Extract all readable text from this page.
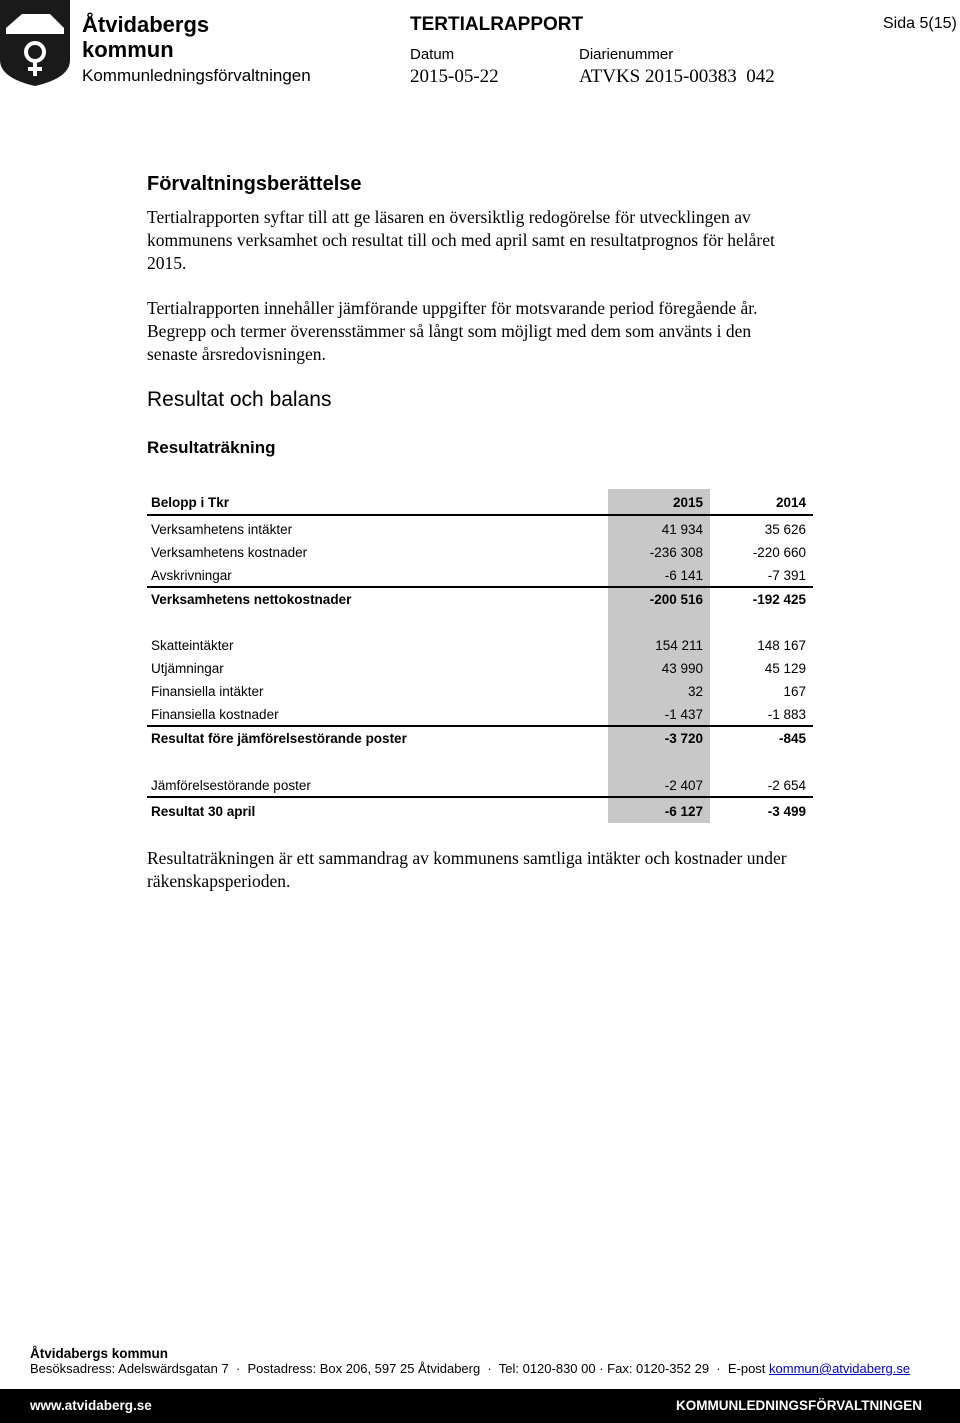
Åtvidabergs
kommun
Kommunledningsförvaltningen
TERTIALRAPPORT	Sida 5(15)
Datum	Diarienummer
2015-05-22	ATVKS 2015-00383  042
Förvaltningsberättelse
Tertialrapporten syftar till att ge läsaren en översiktlig redogörelse för utvecklingen av kommunens verksamhet och resultat till och med april samt en resultatprognos för helåret 2015.
Tertialrapporten innehåller jämförande uppgifter för motsvarande period föregående år. Begrepp och termer överensstämmer så långt som möjligt med dem som använts i den senaste årsredovisningen.
Resultat och balans
Resultaträkning
Belopp i Tkr	2015	2014
Verksamhetens intäkter	41 934	35 626
Verksamhetens kostnader	-236 308	-220 660
Avskrivningar	-6 141	-7 391
Verksamhetens nettokostnader	-200 516	-192 425
Skatteintäkter	154 211	148 167
Utjämningar	43 990	45 129
Finansiella intäkter	32	167
Finansiella kostnader	-1 437	-1 883
Resultat före jämförelsestörande poster	-3 720	-845
Jämförelsestörande poster	-2 407	-2 654
Resultat 30 april	-6 127	-3 499
Resultaträkningen är ett sammandrag av kommunens samtliga intäkter och kostnader under räkenskapsperioden.
Åtvidabergs kommun
Besöksadress: Adelswärdsgatan 7  ·  Postadress: Box 206, 597 25 Åtvidaberg  ·  Tel: 0120-830 00 · Fax: 0120-352 29  ·  E-post kommun@atvidaberg.se
www.atvidaberg.se	KOMMUNLEDNINGSFÖRVALTNINGEN
